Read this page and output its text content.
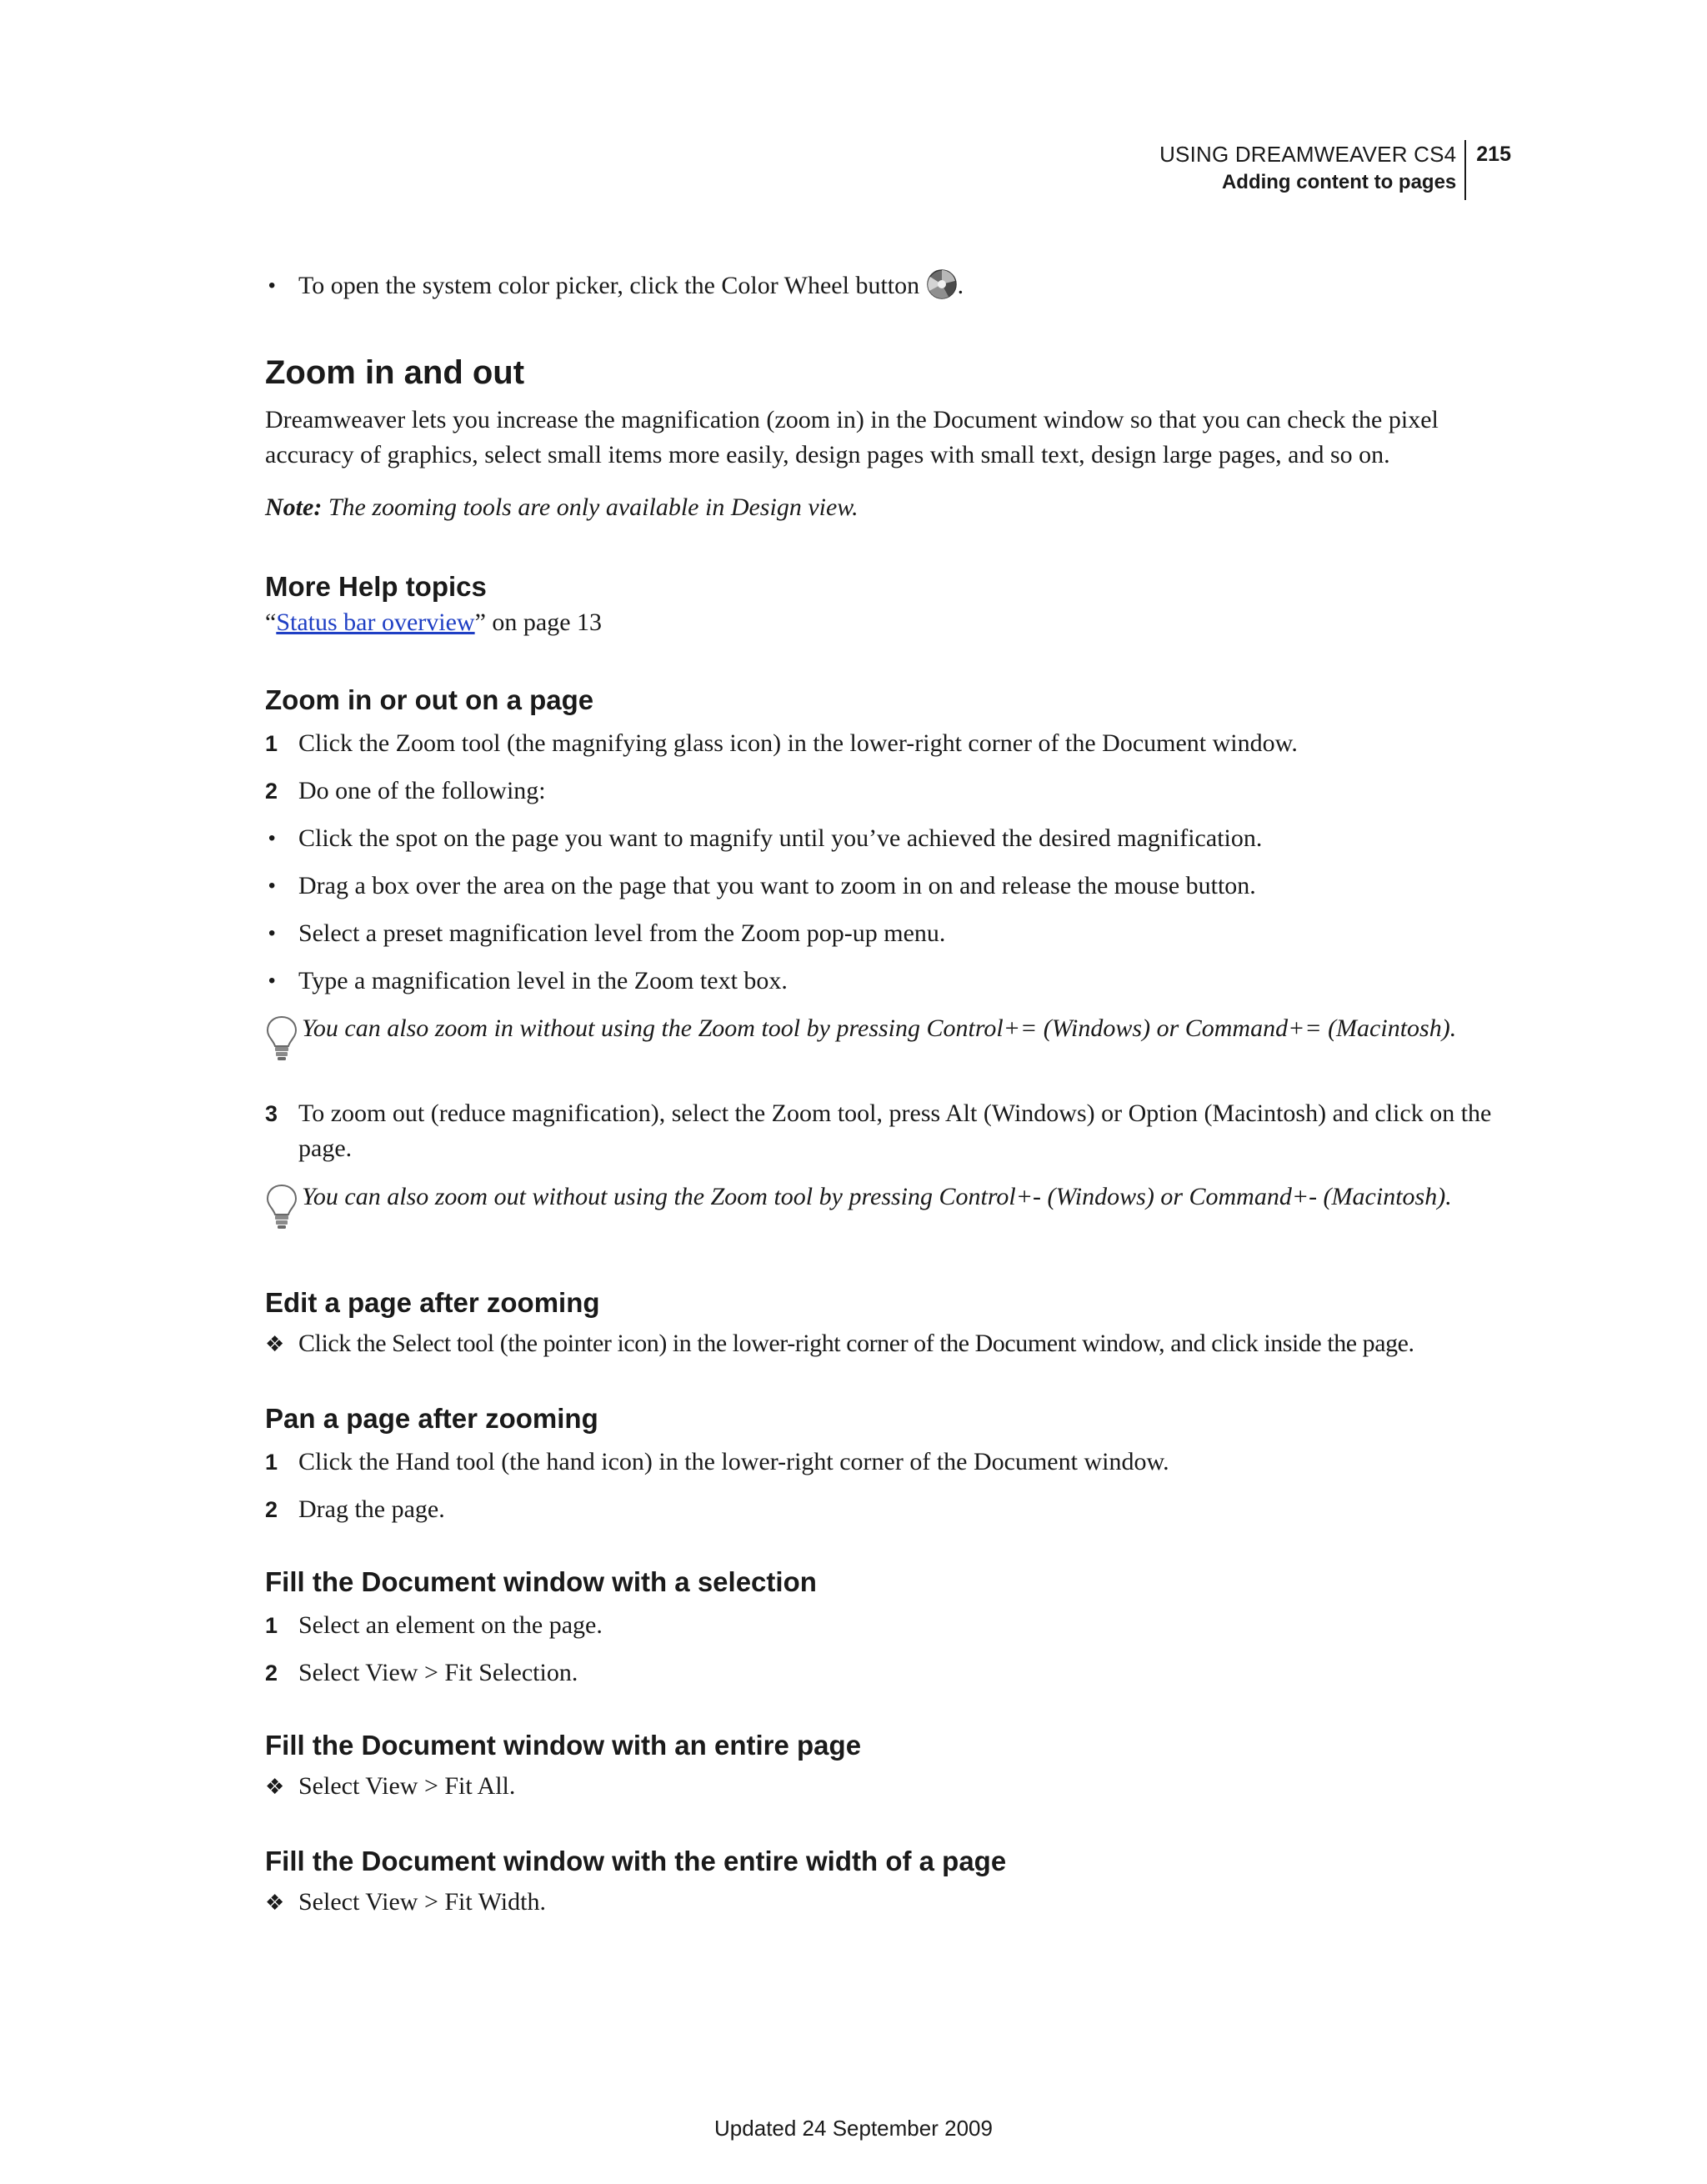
USING DREAMWEAVER CS4
Adding content to pages
215
• To open the system color picker, click the Color Wheel button .
Zoom in and out

Dreamweaver lets you increase the magnification (zoom in) in the Document window so that you can check the pixel accuracy of graphics, select small items more easily, design pages with small text, design large pages, and so on.

Note: The zooming tools are only available in Design view.

More Help topics

“Status bar overview” on page 13

Zoom in or out on a page
1 Click the Zoom tool (the magnifying glass icon) in the lower-right corner of the Document window.
2 Do one of the following:
• Click the spot on the page you want to magnify until you’ve achieved the desired magnification.
• Drag a box over the area on the page that you want to zoom in on and release the mouse button.
• Select a preset magnification level from the Zoom pop-up menu.
• Type a magnification level in the Zoom text box.
You can also zoom in without using the Zoom tool by pressing Control+= (Windows) or Command+= (Macintosh).
3 To zoom out (reduce magnification), select the Zoom tool, press Alt (Windows) or Option (Macintosh) and click on the page.
You can also zoom out without using the Zoom tool by pressing Control+- (Windows) or Command+- (Macintosh).
Edit a page after zooming
❖ Click the Select tool (the pointer icon) in the lower-right corner of the Document window, and click inside the page.
Pan a page after zooming
1 Click the Hand tool (the hand icon) in the lower-right corner of the Document window.
2 Drag the page.
Fill the Document window with a selection
1 Select an element on the page.
2 Select View > Fit Selection.
Fill the Document window with an entire page
❖ Select View > Fit All.
Fill the Document window with the entire width of a page
❖ Select View > Fit Width.
Updated 24 September 2009
